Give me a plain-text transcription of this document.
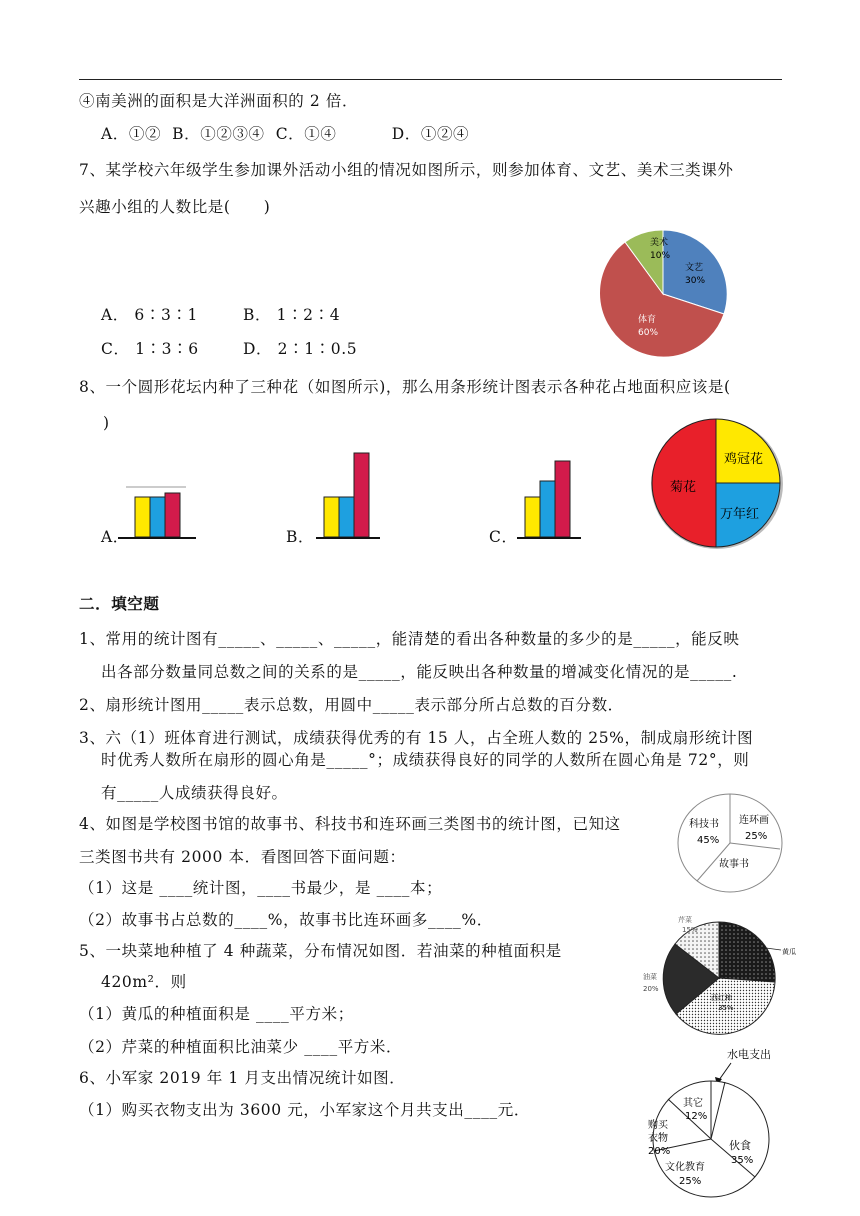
④南美洲的面积是大洋洲面积的 2 倍．
A．①②  B．①②③④  C．①④          D．①②④
7、某学校六年级学生参加课外活动小组的情况如图所示，则参加体育、文艺、美术三类课外
兴趣小组的人数比是(      )
A． 6∶3∶1	B． 1∶2∶4
C． 1∶3∶6	D． 2∶1∶0.5
美术
10%
文艺
30%
体育
60%
8、一个圆形花坛内种了三种花（如图所示)，那么用条形统计图表示各种花占地面积应该是(
)
A．	B．	C．
鸡冠花
菊花
万年红
二．填空题
1、常用的统计图有_____、_____、_____，能清楚的看出各种数量的多少的是_____，能反映
出各部分数量同总数之间的关系的是_____，能反映出各种数量的增减变化情况的是_____.
2、扇形统计图用_____表示总数，用圆中_____表示部分所占总数的百分数．
3、六（1）班体育进行测试，成绩获得优秀的有 15 人，占全班人数的 25%，制成扇形统计图
时优秀人数所在扇形的圆心角是_____°；成绩获得良好的同学的人数所在圆心角是 72°，则
有_____人成绩获得良好。
4、如图是学校图书馆的故事书、科技书和连环画三类图书的统计图，已知这
三类图书共有 2000 本．看图回答下面问题：
（1）这是 ____统计图，____书最少，是 ____本；
（2）故事书占总数的____%，故事书比连环画多____%．
科技书
45%
连环画
25%
故事书
5、一块菜地种植了 4 种蔬菜，分布情况如图．若油菜的种植面积是
420m²．则
（1）黄瓜的种植面积是 ____平方米；
（2）芹菜的种植面积比油菜少 ____平方米．
芹菜
15%
黄瓜
油菜
20%
西红柿
35%
6、小军家 2019 年 1 月支出情况统计如图．
（1）购买衣物支出为 3600 元，小军家这个月共支出____元．
水电支出
其它
12%
购买
衣物
20%	伙食
35%
文化教育
25%
